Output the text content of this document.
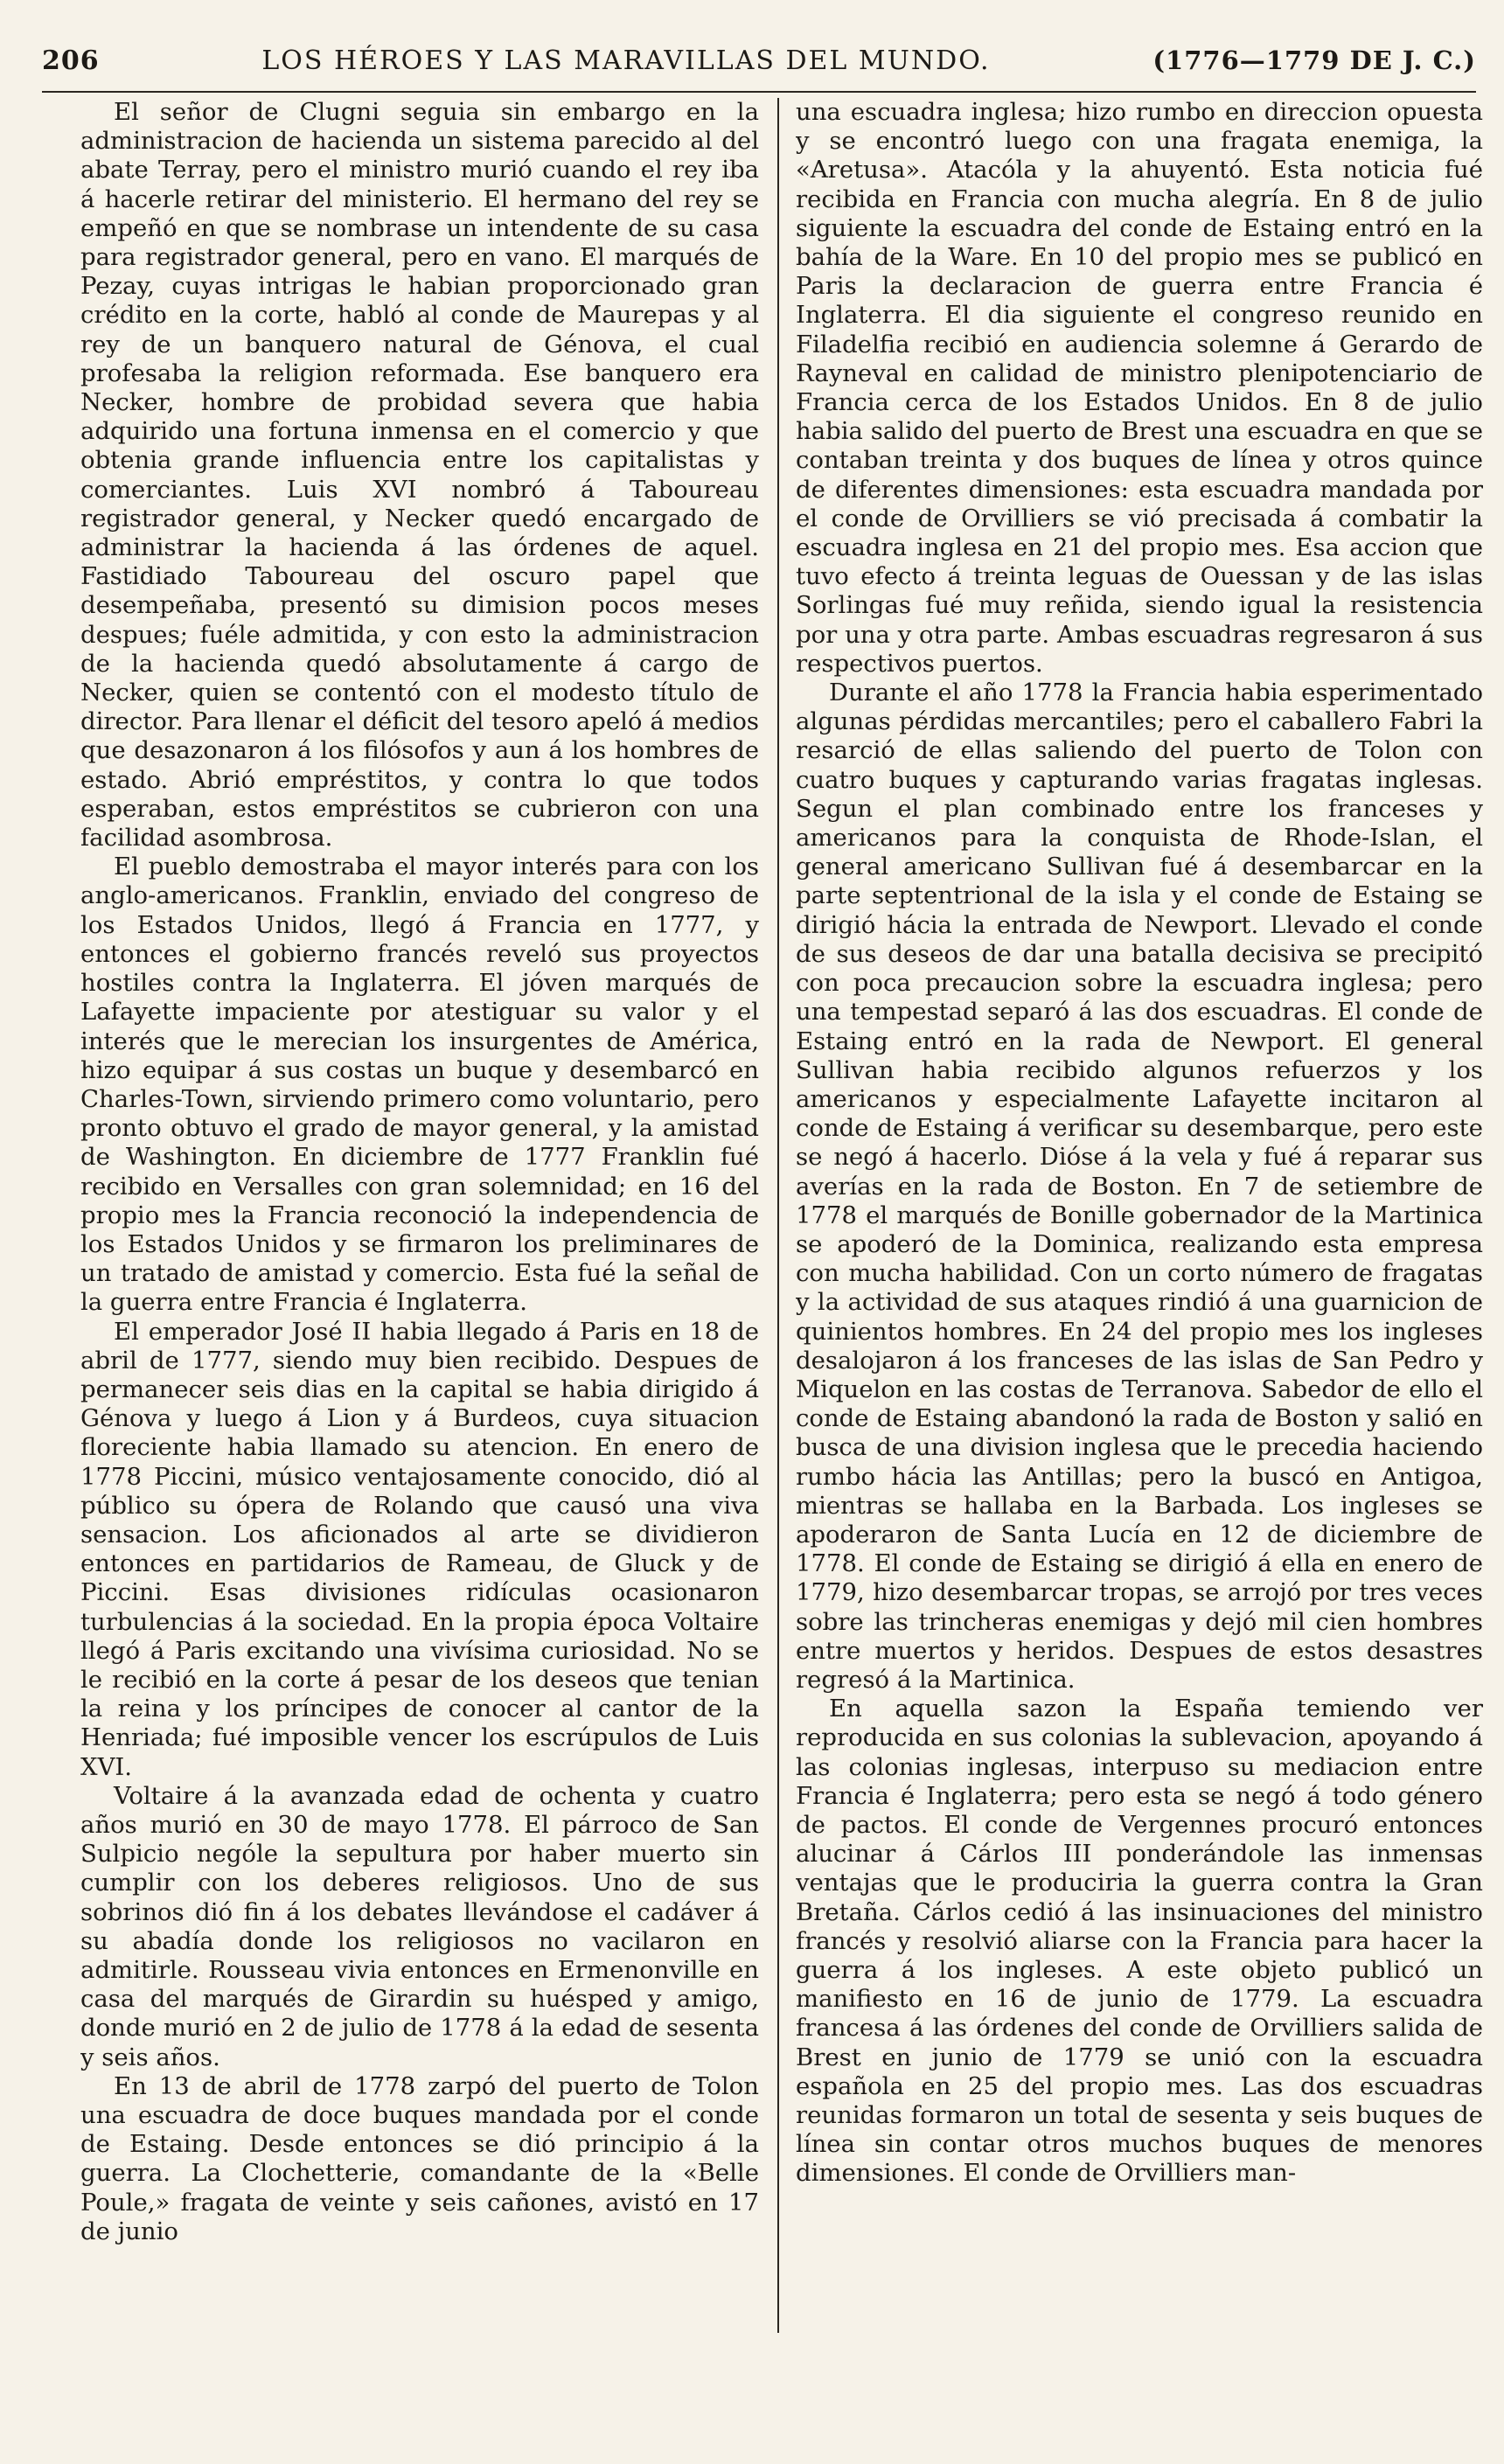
206	LOS HÉROES Y LAS MARAVILLAS DEL MUNDO.	(1776—1779 DE J. C.)

El señor de Clugni seguia sin embargo en la administracion de hacienda un sistema parecido al del abate Terray, pero el ministro murió cuando el rey iba á hacerle retirar del ministerio. El hermano del rey se empeñó en que se nombrase un intendente de su casa para registrador general, pero en vano. El marqués de Pezay, cuyas intrigas le habian proporcionado gran crédito en la corte, habló al conde de Maurepas y al rey de un banquero natural de Génova, el cual profesaba la religion reformada. Ese banquero era Necker, hombre de probidad severa que habia adquirido una fortuna inmensa en el comercio y que obtenia grande influencia entre los capitalistas y comerciantes. Luis XVI nombró á Taboureau registrador general, y Necker quedó encargado de administrar la hacienda á las órdenes de aquel. Fastidiado Taboureau del oscuro papel que desempeñaba, presentó su dimision pocos meses despues; fuéle admitida, y con esto la administracion de la hacienda quedó absolutamente á cargo de Necker, quien se contentó con el modesto título de director. Para llenar el déficit del tesoro apeló á medios que desazonaron á los filósofos y aun á los hombres de estado. Abrió empréstitos, y contra lo que todos esperaban, estos empréstitos se cubrieron con una facilidad asombrosa.

El pueblo demostraba el mayor interés para con los anglo-americanos. Franklin, enviado del congreso de los Estados Unidos, llegó á Francia en 1777, y entonces el gobierno francés reveló sus proyectos hostiles contra la Inglaterra. El jóven marqués de Lafayette impaciente por atestiguar su valor y el interés que le merecian los insurgentes de América, hizo equipar á sus costas un buque y desembarcó en Charles-Town, sirviendo primero como voluntario, pero pronto obtuvo el grado de mayor general, y la amistad de Washington. En diciembre de 1777 Franklin fué recibido en Versalles con gran solemnidad; en 16 del propio mes la Francia reconoció la independencia de los Estados Unidos y se firmaron los preliminares de un tratado de amistad y comercio. Esta fué la señal de la guerra entre Francia é Inglaterra.

El emperador José II habia llegado á Paris en 18 de abril de 1777, siendo muy bien recibido. Despues de permanecer seis dias en la capital se habia dirigido á Génova y luego á Lion y á Burdeos, cuya situacion floreciente habia llamado su atencion. En enero de 1778 Piccini, músico ventajosamente conocido, dió al público su ópera de Rolando que causó una viva sensacion. Los aficionados al arte se dividieron entonces en partidarios de Rameau, de Gluck y de Piccini. Esas divisiones ridículas ocasionaron turbulencias á la sociedad. En la propia época Voltaire llegó á Paris excitando una vivísima curiosidad. No se le recibió en la corte á pesar de los deseos que tenian la reina y los príncipes de conocer al cantor de la Henriada; fué imposible vencer los escrúpulos de Luis XVI.

Voltaire á la avanzada edad de ochenta y cuatro años murió en 30 de mayo 1778. El párroco de San Sulpicio nególe la sepultura por haber muerto sin cumplir con los deberes religiosos. Uno de sus sobrinos dió fin á los debates llevándose el cadáver á su abadía donde los religiosos no vacilaron en admitirle. Rousseau vivia entonces en Ermenonville en casa del marqués de Girardin su huésped y amigo, donde murió en 2 de julio de 1778 á la edad de sesenta y seis años.

En 13 de abril de 1778 zarpó del puerto de Tolon una escuadra de doce buques mandada por el conde de Estaing. Desde entonces se dió principio á la guerra. La Clochetterie, comandante de la «Belle Poule,» fragata de veinte y seis cañones, avistó en 17 de junio

una escuadra inglesa; hizo rumbo en direccion opuesta y se encontró luego con una fragata enemiga, la «Aretusa». Atacóla y la ahuyentó. Esta noticia fué recibida en Francia con mucha alegría. En 8 de julio siguiente la escuadra del conde de Estaing entró en la bahía de la Ware. En 10 del propio mes se publicó en Paris la declaracion de guerra entre Francia é Inglaterra. El dia siguiente el congreso reunido en Filadelfia recibió en audiencia solemne á Gerardo de Rayneval en calidad de ministro plenipotenciario de Francia cerca de los Estados Unidos. En 8 de julio habia salido del puerto de Brest una escuadra en que se contaban treinta y dos buques de línea y otros quince de diferentes dimensiones: esta escuadra mandada por el conde de Orvilliers se vió precisada á combatir la escuadra inglesa en 21 del propio mes. Esa accion que tuvo efecto á treinta leguas de Ouessan y de las islas Sorlingas fué muy reñida, siendo igual la resistencia por una y otra parte. Ambas escuadras regresaron á sus respectivos puertos.

Durante el año 1778 la Francia habia esperimentado algunas pérdidas mercantiles; pero el caballero Fabri la resarció de ellas saliendo del puerto de Tolon con cuatro buques y capturando varias fragatas inglesas. Segun el plan combinado entre los franceses y americanos para la conquista de Rhode-Islan, el general americano Sullivan fué á desembarcar en la parte septentrional de la isla y el conde de Estaing se dirigió hácia la entrada de Newport. Llevado el conde de sus deseos de dar una batalla decisiva se precipitó con poca precaucion sobre la escuadra inglesa; pero una tempestad separó á las dos escuadras. El conde de Estaing entró en la rada de Newport. El general Sullivan habia recibido algunos refuerzos y los americanos y especialmente Lafayette incitaron al conde de Estaing á verificar su desembarque, pero este se negó á hacerlo. Dióse á la vela y fué á reparar sus averías en la rada de Boston. En 7 de setiembre de 1778 el marqués de Bonille gobernador de la Martinica se apoderó de la Dominica, realizando esta empresa con mucha habilidad. Con un corto número de fragatas y la actividad de sus ataques rindió á una guarnicion de quinientos hombres. En 24 del propio mes los ingleses desalojaron á los franceses de las islas de San Pedro y Miquelon en las costas de Terranova. Sabedor de ello el conde de Estaing abandonó la rada de Boston y salió en busca de una division inglesa que le precedia haciendo rumbo hácia las Antillas; pero la buscó en Antigoa, mientras se hallaba en la Barbada. Los ingleses se apoderaron de Santa Lucía en 12 de diciembre de 1778. El conde de Estaing se dirigió á ella en enero de 1779, hizo desembarcar tropas, se arrojó por tres veces sobre las trincheras enemigas y dejó mil cien hombres entre muertos y heridos. Despues de estos desastres regresó á la Martinica.

En aquella sazon la España temiendo ver reproducida en sus colonias la sublevacion, apoyando á las colonias inglesas, interpuso su mediacion entre Francia é Inglaterra; pero esta se negó á todo género de pactos. El conde de Vergennes procuró entonces alucinar á Cárlos III ponderándole las inmensas ventajas que le produciria la guerra contra la Gran Bretaña. Cárlos cedió á las insinuaciones del ministro francés y resolvió aliarse con la Francia para hacer la guerra á los ingleses. A este objeto publicó un manifiesto en 16 de junio de 1779. La escuadra francesa á las órdenes del conde de Orvilliers salida de Brest en junio de 1779 se unió con la escuadra española en 25 del propio mes. Las dos escuadras reunidas formaron un total de sesenta y seis buques de línea sin contar otros muchos buques de menores dimensiones. El conde de Orvilliers man-
